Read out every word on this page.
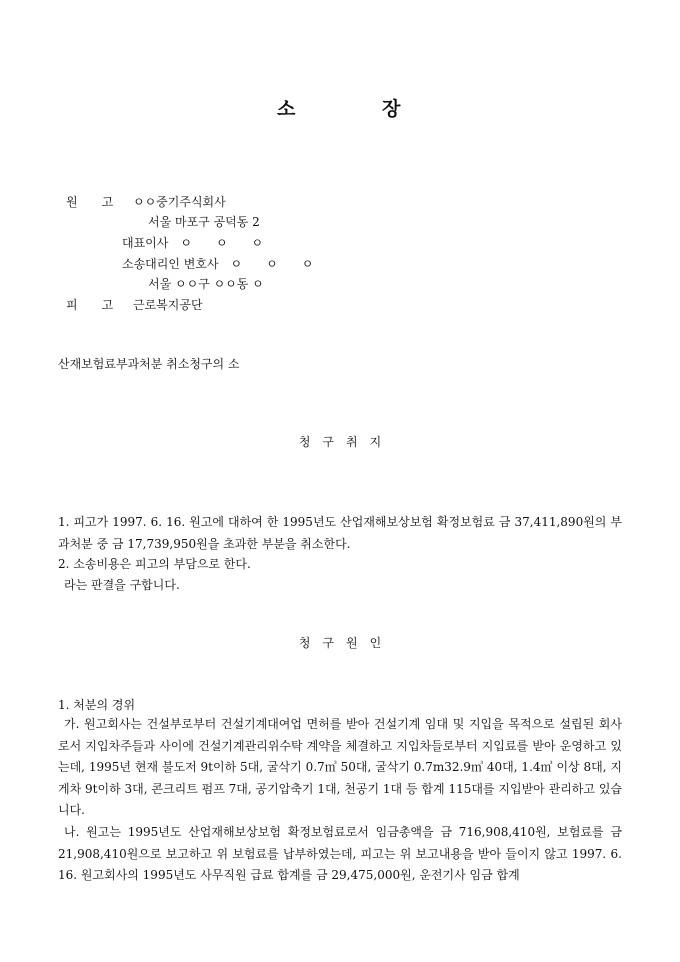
소	장
원　　고 ㅇㅇ중기주식회사
서울 마포구 공덕동 2
대표이사　ㅇ　　ㅇ　　ㅇ
소송대리인 변호사　ㅇ　　ㅇ　　ㅇ
서울 ㅇㅇ구 ㅇㅇ동 ㅇ
피　　고 근로복지공단
산재보험료부과처분 취소청구의 소
청　구　취　지
1. 피고가 1997. 6. 16. 원고에 대하여 한 1995년도 산업재해보상보험 확정보험료 금 37,411,890원의 부과처분 중 금 17,739,950원을 초과한 부분을 취소한다.
2. 소송비용은 피고의 부담으로 한다.
라는 판결을 구합니다.
청　구　원　인
1. 처분의 경위
가. 원고회사는 건설부로부터 건설기계대여업 면허를 받아 건설기계 임대 및 지입을 목적으로 설립된 회사로서 지입차주들과 사이에 건설기계관리위수탁 계약을 체결하고 지입차들로부터 지입료를 받아 운영하고 있는데, 1995년 현재 불도저 9t이하 5대, 굴삭기 0.7㎥ 50대, 굴삭기 0.7m32.9㎥ 40대, 1.4㎥ 이상 8대, 지게차 9t이하 3대, 콘크리트 펌프 7대, 공기압축기 1대, 천공기 1대 등 합계 115대를 지입받아 관리하고 있습니다.
나. 원고는 1995년도 산업재해보상보험 확정보험료로서 임금총액을 금 716,908,410원, 보험료를 금 21,908,410원으로 보고하고 위 보험료를 납부하였는데, 피고는 위 보고내용을 받아 들이지 않고 1997. 6. 16. 원고회사의 1995년도 사무직원 급료 합계를 금 29,475,000원, 운전기사 임금 합계
